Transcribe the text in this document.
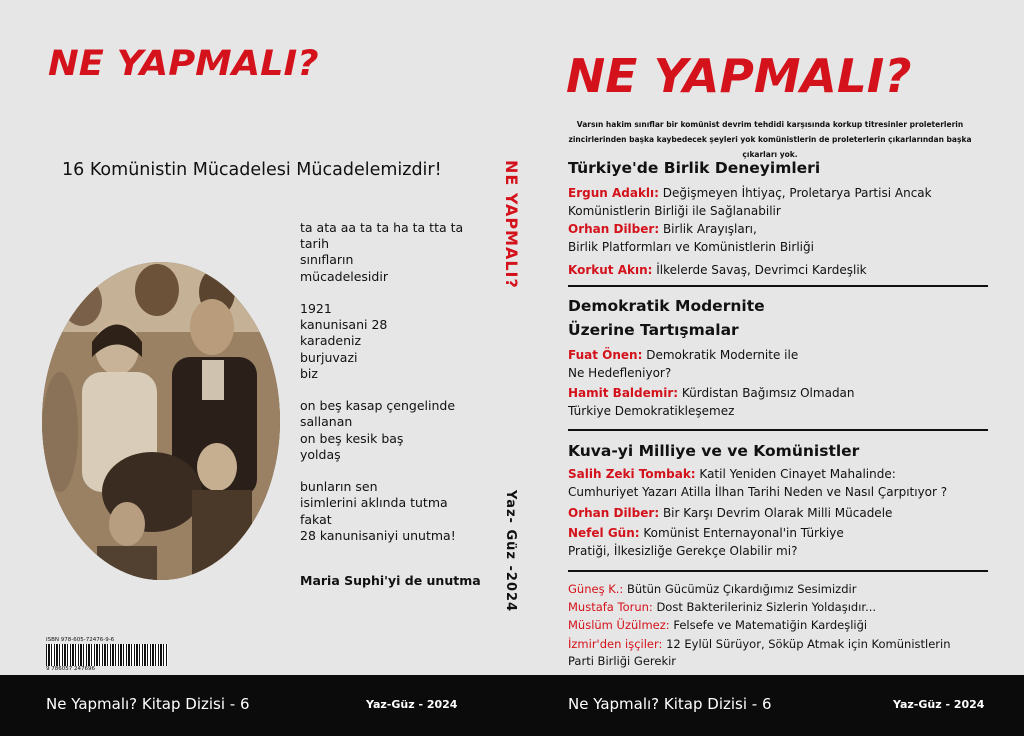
NE YAPMALI?
16 Komünistin Mücadelesi Mücadelemizdir!
ta ata aa ta ta ha ta tta ta
tarih
sınıfların
mücadelesidir
1921
kanunisani 28
karadeniz
burjuvazi
biz
on beş kasap çengelinde
sallanan
on beş kesik baş
yoldaş
bunların sen
isimlerini aklında tutma
fakat
28 kanunisaniyi unutma!
Maria Suphi'yi de unutma
ISBN 978-605-72476-9-6
9 786057 247696
NE YAPMALI?
Yaz- Güz -2024
NE YAPMALI?
Varsın hakim sınıflar bir komünist devrim tehdidi karşısında korkup titresinler proleterlerin zincirlerinden başka kaybedecek şeyleri yok komünistlerin de proleterlerin çıkarlarından başka çıkarları yok.
Türkiye'de Birlik Deneyimleri
Ergun Adaklı: Değişmeyen İhtiyaç, Proletarya Partisi Ancak
Komünistlerin Birliği ile Sağlanabilir
Orhan Dilber: Birlik Arayışları,
Birlik Platformları ve Komünistlerin Birliği
Korkut Akın: İlkelerde Savaş, Devrimci Kardeşlik
Demokratik Modernite
Üzerine Tartışmalar
Fuat Önen: Demokratik Modernite ile
Ne Hedefleniyor?
Hamit Baldemir: Kürdistan Bağımsız Olmadan
Türkiye Demokratikleşemez
Kuva-yi Milliye ve ve Komünistler
Salih Zeki Tombak: Katil Yeniden Cinayet Mahalinde:
Cumhuriyet Yazarı Atilla İlhan Tarihi Neden ve Nasıl Çarpıtıyor ?
Orhan Dilber: Bir Karşı Devrim Olarak Milli Mücadele
Nefel Gün: Komünist Enternayonal'in Türkiye
Pratiği, İlkesizliğe Gerekçe Olabilir mi?
Güneş K.: Bütün Gücümüz Çıkardığımız Sesimizdir
Mustafa Torun: Dost Bakterileriniz Sizlerin Yoldaşıdır...
Müslüm Üzülmez: Felsefe ve Matematiğin Kardeşliği
İzmir'den işçiler: 12 Eylül Sürüyor, Söküp Atmak için Komünistlerin
Parti Birliği Gerekir
Ne Yapmalı? Kitap Dizisi - 6	Yaz-Güz - 2024	Ne Yapmalı? Kitap Dizisi - 6	Yaz-Güz - 2024
